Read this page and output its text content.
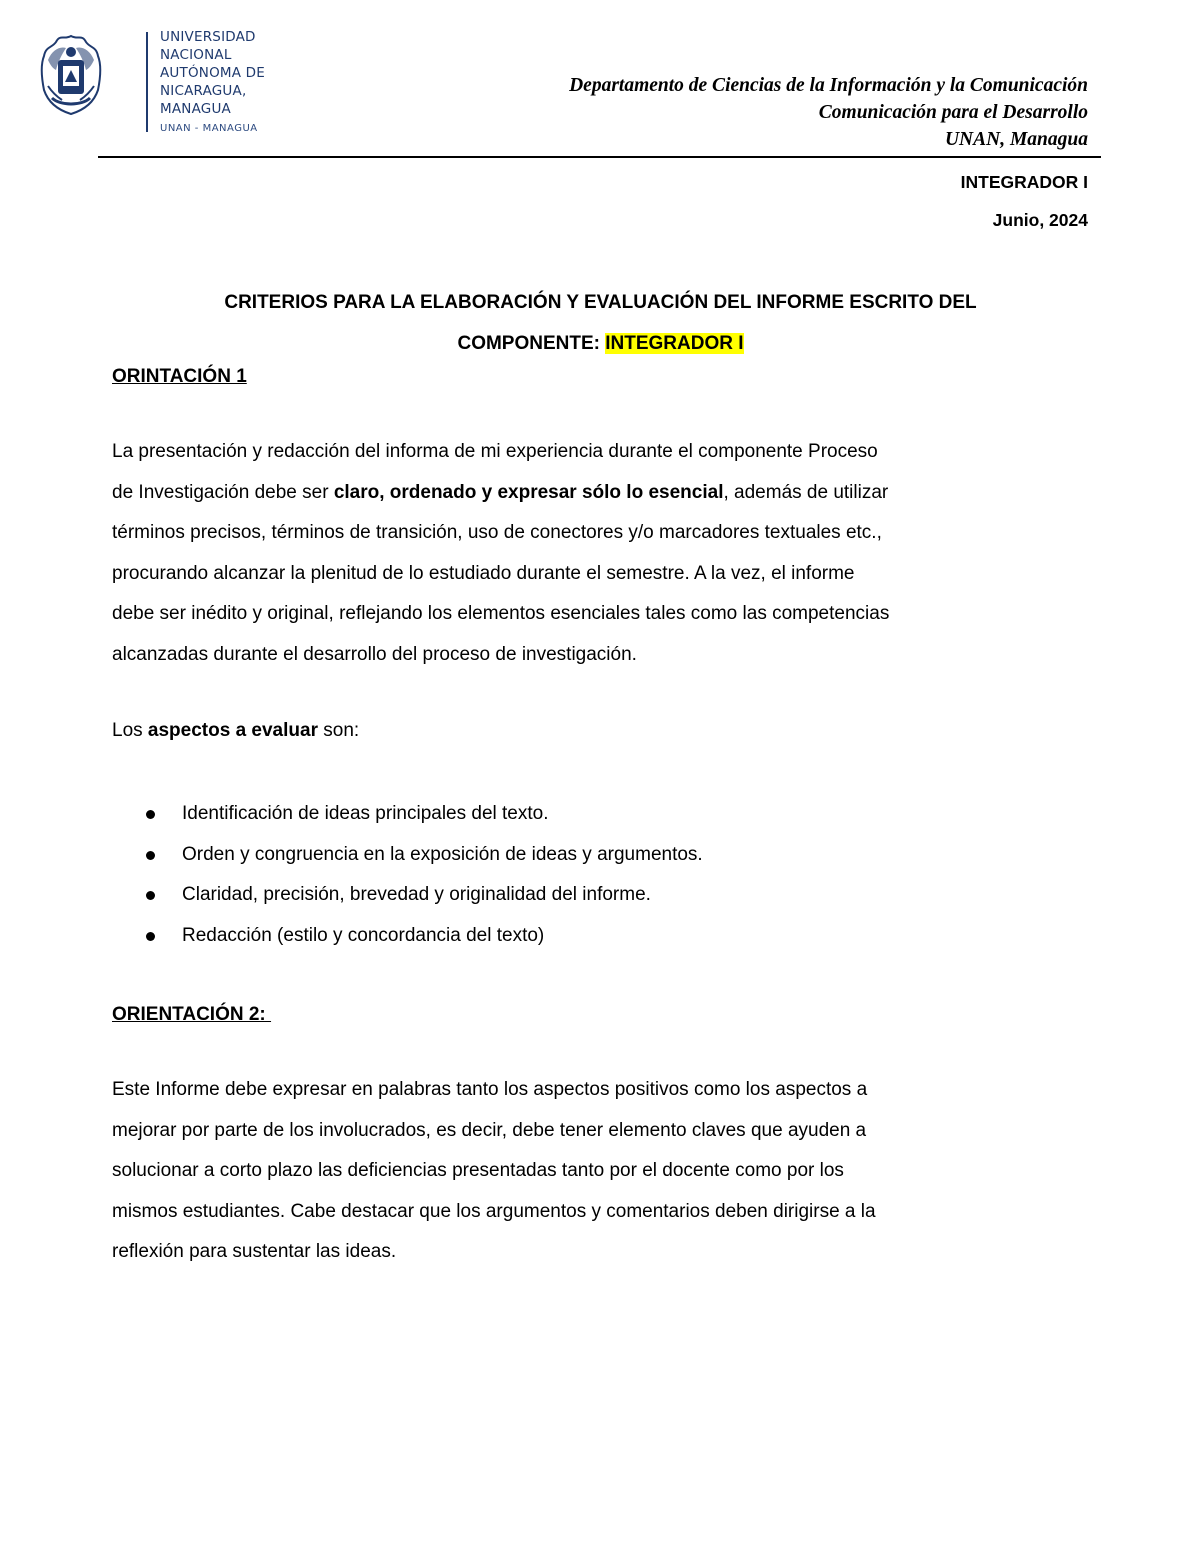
UNIVERSIDAD
NACIONAL
AUTÓNOMA DE
NICARAGUA,
MANAGUA
UNAN - MANAGUA
Departamento de Ciencias de la Información y la Comunicación
Comunicación para el Desarrollo
UNAN, Managua
INTEGRADOR I
Junio, 2024
CRITERIOS PARA LA ELABORACIÓN Y EVALUACIÓN DEL INFORME ESCRITO DEL
COMPONENTE: INTEGRADOR I
ORINTACIÓN 1
La presentación y redacción del informa de mi experiencia durante el componente Proceso
de Investigación debe ser claro, ordenado y expresar sólo lo esencial, además de utilizar
términos precisos, términos de transición, uso de conectores y/o marcadores textuales etc.,
procurando alcanzar la plenitud de lo estudiado durante el semestre. A la vez, el informe
debe ser inédito y original, reflejando los elementos esenciales tales como las competencias
alcanzadas durante el desarrollo del proceso de investigación.
Los aspectos a evaluar son:
Identificación de ideas principales del texto.
Orden y congruencia en la exposición de ideas y argumentos.
Claridad, precisión, brevedad y originalidad del informe.
Redacción (estilo y concordancia del texto)
ORIENTACIÓN 2:
Este Informe debe expresar en palabras tanto los aspectos positivos como los aspectos a
mejorar por parte de los involucrados, es decir, debe tener elemento claves que ayuden a
solucionar a corto plazo las deficiencias presentadas tanto por el docente como por los
mismos estudiantes. Cabe destacar que los argumentos y comentarios deben dirigirse a la
reflexión para sustentar las ideas.
